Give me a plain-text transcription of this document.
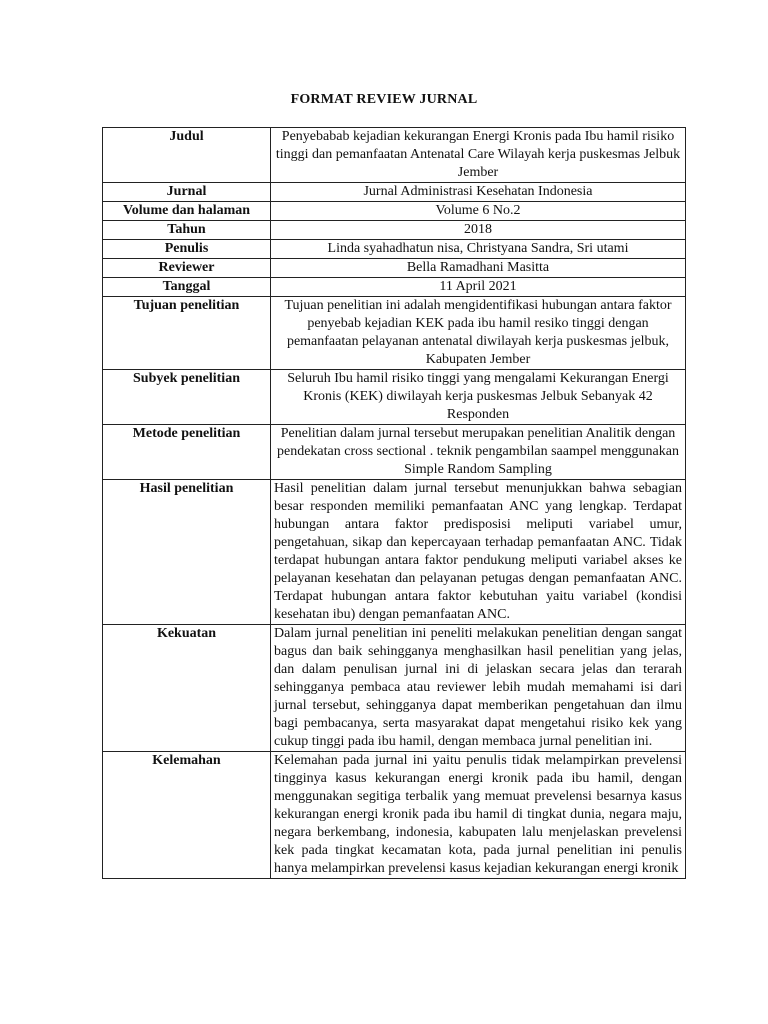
FORMAT REVIEW JURNAL
Judul	Penyebabab kejadian kekurangan Energi Kronis pada Ibu hamil risiko tinggi dan pemanfaatan Antenatal Care Wilayah kerja puskesmas Jelbuk Jember
Jurnal	Jurnal Administrasi Kesehatan Indonesia
Volume dan halaman	Volume 6 No.2
Tahun	2018
Penulis	Linda syahadhatun nisa, Christyana Sandra, Sri utami
Reviewer	Bella Ramadhani Masitta
Tanggal	11 April 2021
Tujuan penelitian	Tujuan penelitian ini adalah mengidentifikasi hubungan antara faktor penyebab kejadian KEK pada ibu hamil resiko tinggi dengan pemanfaatan pelayanan antenatal diwilayah kerja puskesmas jelbuk, Kabupaten Jember
Subyek penelitian	Seluruh Ibu hamil risiko tinggi yang mengalami Kekurangan Energi Kronis (KEK) diwilayah kerja puskesmas Jelbuk Sebanyak 42 Responden
Metode penelitian	Penelitian dalam jurnal tersebut merupakan penelitian Analitik dengan pendekatan cross sectional . teknik pengambilan saampel menggunakan Simple Random Sampling
Hasil penelitian	Hasil penelitian dalam jurnal tersebut menunjukkan bahwa sebagian besar responden memiliki pemanfaatan ANC yang lengkap. Terdapat hubungan antara faktor predisposisi meliputi variabel umur, pengetahuan, sikap dan kepercayaan terhadap pemanfaatan ANC. Tidak terdapat hubungan antara faktor pendukung meliputi variabel akses ke pelayanan kesehatan dan pelayanan petugas dengan pemanfaatan ANC. Terdapat hubungan antara faktor kebutuhan yaitu variabel (kondisi kesehatan ibu) dengan pemanfaatan ANC.
Kekuatan	Dalam jurnal penelitian ini peneliti melakukan penelitian dengan sangat bagus dan baik sehingganya menghasilkan hasil penelitian yang jelas, dan dalam penulisan jurnal ini di jelaskan secara jelas dan terarah sehingganya pembaca atau reviewer lebih mudah memahami isi dari jurnal tersebut, sehingganya dapat memberikan pengetahuan dan ilmu bagi pembacanya, serta masyarakat dapat mengetahui risiko kek yang cukup tinggi pada ibu hamil, dengan membaca jurnal penelitian ini.
Kelemahan	Kelemahan pada jurnal ini yaitu penulis tidak melampirkan prevelensi tingginya kasus kekurangan energi kronik pada ibu hamil, dengan menggunakan segitiga terbalik yang memuat prevelensi besarnya kasus kekurangan energi kronik pada ibu hamil di tingkat dunia, negara maju, negara berkembang, indonesia, kabupaten lalu menjelaskan prevelensi kek pada tingkat kecamatan kota, pada jurnal penelitian ini penulis hanya melampirkan prevelensi kasus kejadian kekurangan energi kronik
